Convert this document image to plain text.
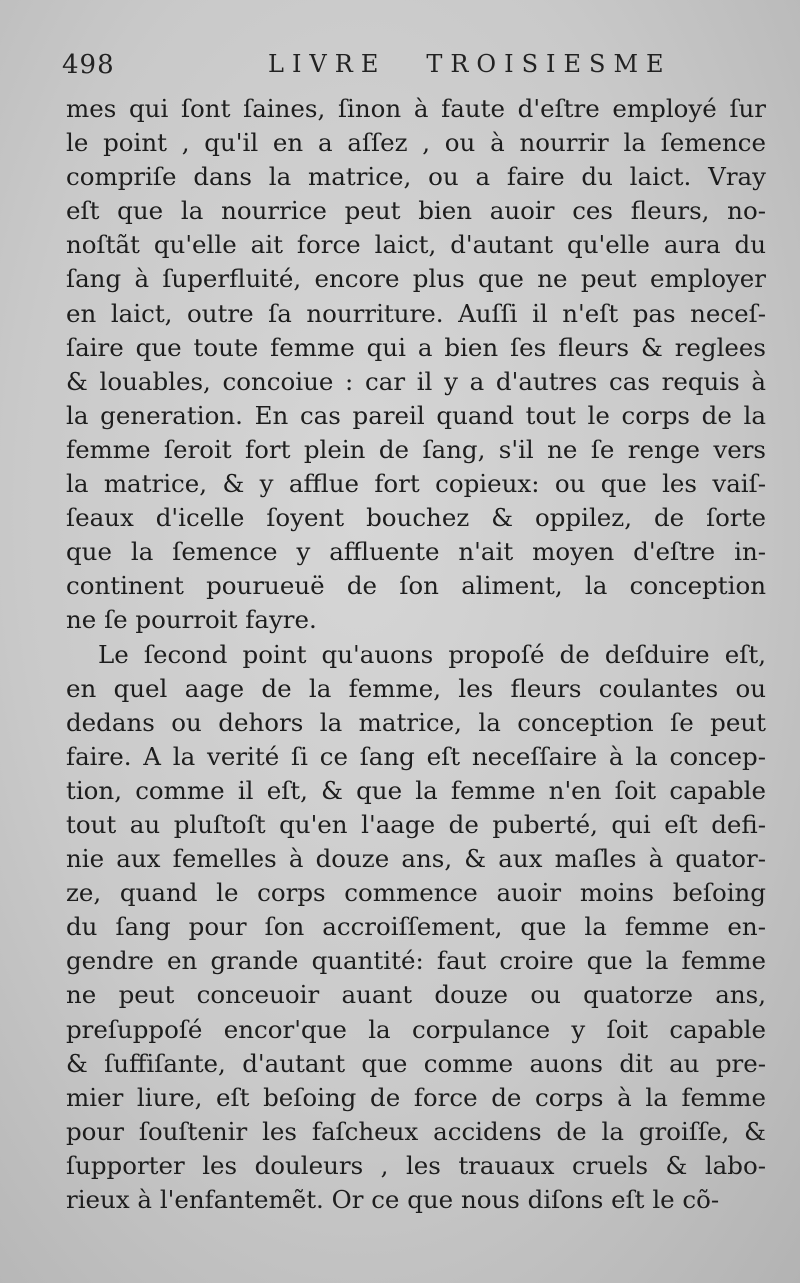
498	LIVRE TROISIESME
mes qui ſont ſaines, ſinon à faute d'eſtre employé ſur
le point , qu'il en a aſſez , ou à nourrir la ſemence
compriſe dans la matrice, ou a faire du laict. Vray
eſt que la nourrice peut bien auoir ces fleurs, no-
noſtãt qu'elle ait force laict, d'autant qu'elle aura du
ſang à ſuperfluité, encore plus que ne peut employer
en laict, outre ſa nourriture. Auſſi il n'eſt pas neceſ-
ſaire que toute femme qui a bien ſes fleurs & reglees
& louables, concoiue : car il y a d'autres cas requis à
la generation. En cas pareil quand tout le corps de la
femme ſeroit fort plein de ſang, s'il ne ſe renge vers
la matrice, & y afflue fort copieux: ou que les vaiſ-
ſeaux d'icelle ſoyent bouchez & oppilez, de ſorte
que la ſemence y affluente n'ait moyen d'eſtre in-
continent pourueuë de ſon aliment, la conception
ne ſe pourroit fayre.
Le ſecond point qu'auons propoſé de deſduire eſt,
en quel aage de la femme, les fleurs coulantes ou
dedans ou dehors la matrice, la conception ſe peut
faire. A la verité ſi ce ſang eſt neceſſaire à la concep-
tion, comme il eſt, & que la femme n'en ſoit capable
tout au pluſtoſt qu'en l'aage de puberté, qui eſt defi-
nie aux femelles à douze ans, & aux maſles à quator-
ze, quand le corps commence auoir moins beſoing
du ſang pour ſon accroiſſement, que la femme en-
gendre en grande quantité: faut croire que la femme
ne peut conceuoir auant douze ou quatorze ans,
preſuppoſé encor'que la corpulance y ſoit capable
& ſuffiſante, d'autant que comme auons dit au pre-
mier liure, eſt beſoing de force de corps à la femme
pour ſouſtenir les faſcheux accidens de la groiſſe, &
ſupporter les douleurs , les trauaux cruels & labo-
rieux à l'enfantemẽt. Or ce que nous diſons eſt le cõ-
